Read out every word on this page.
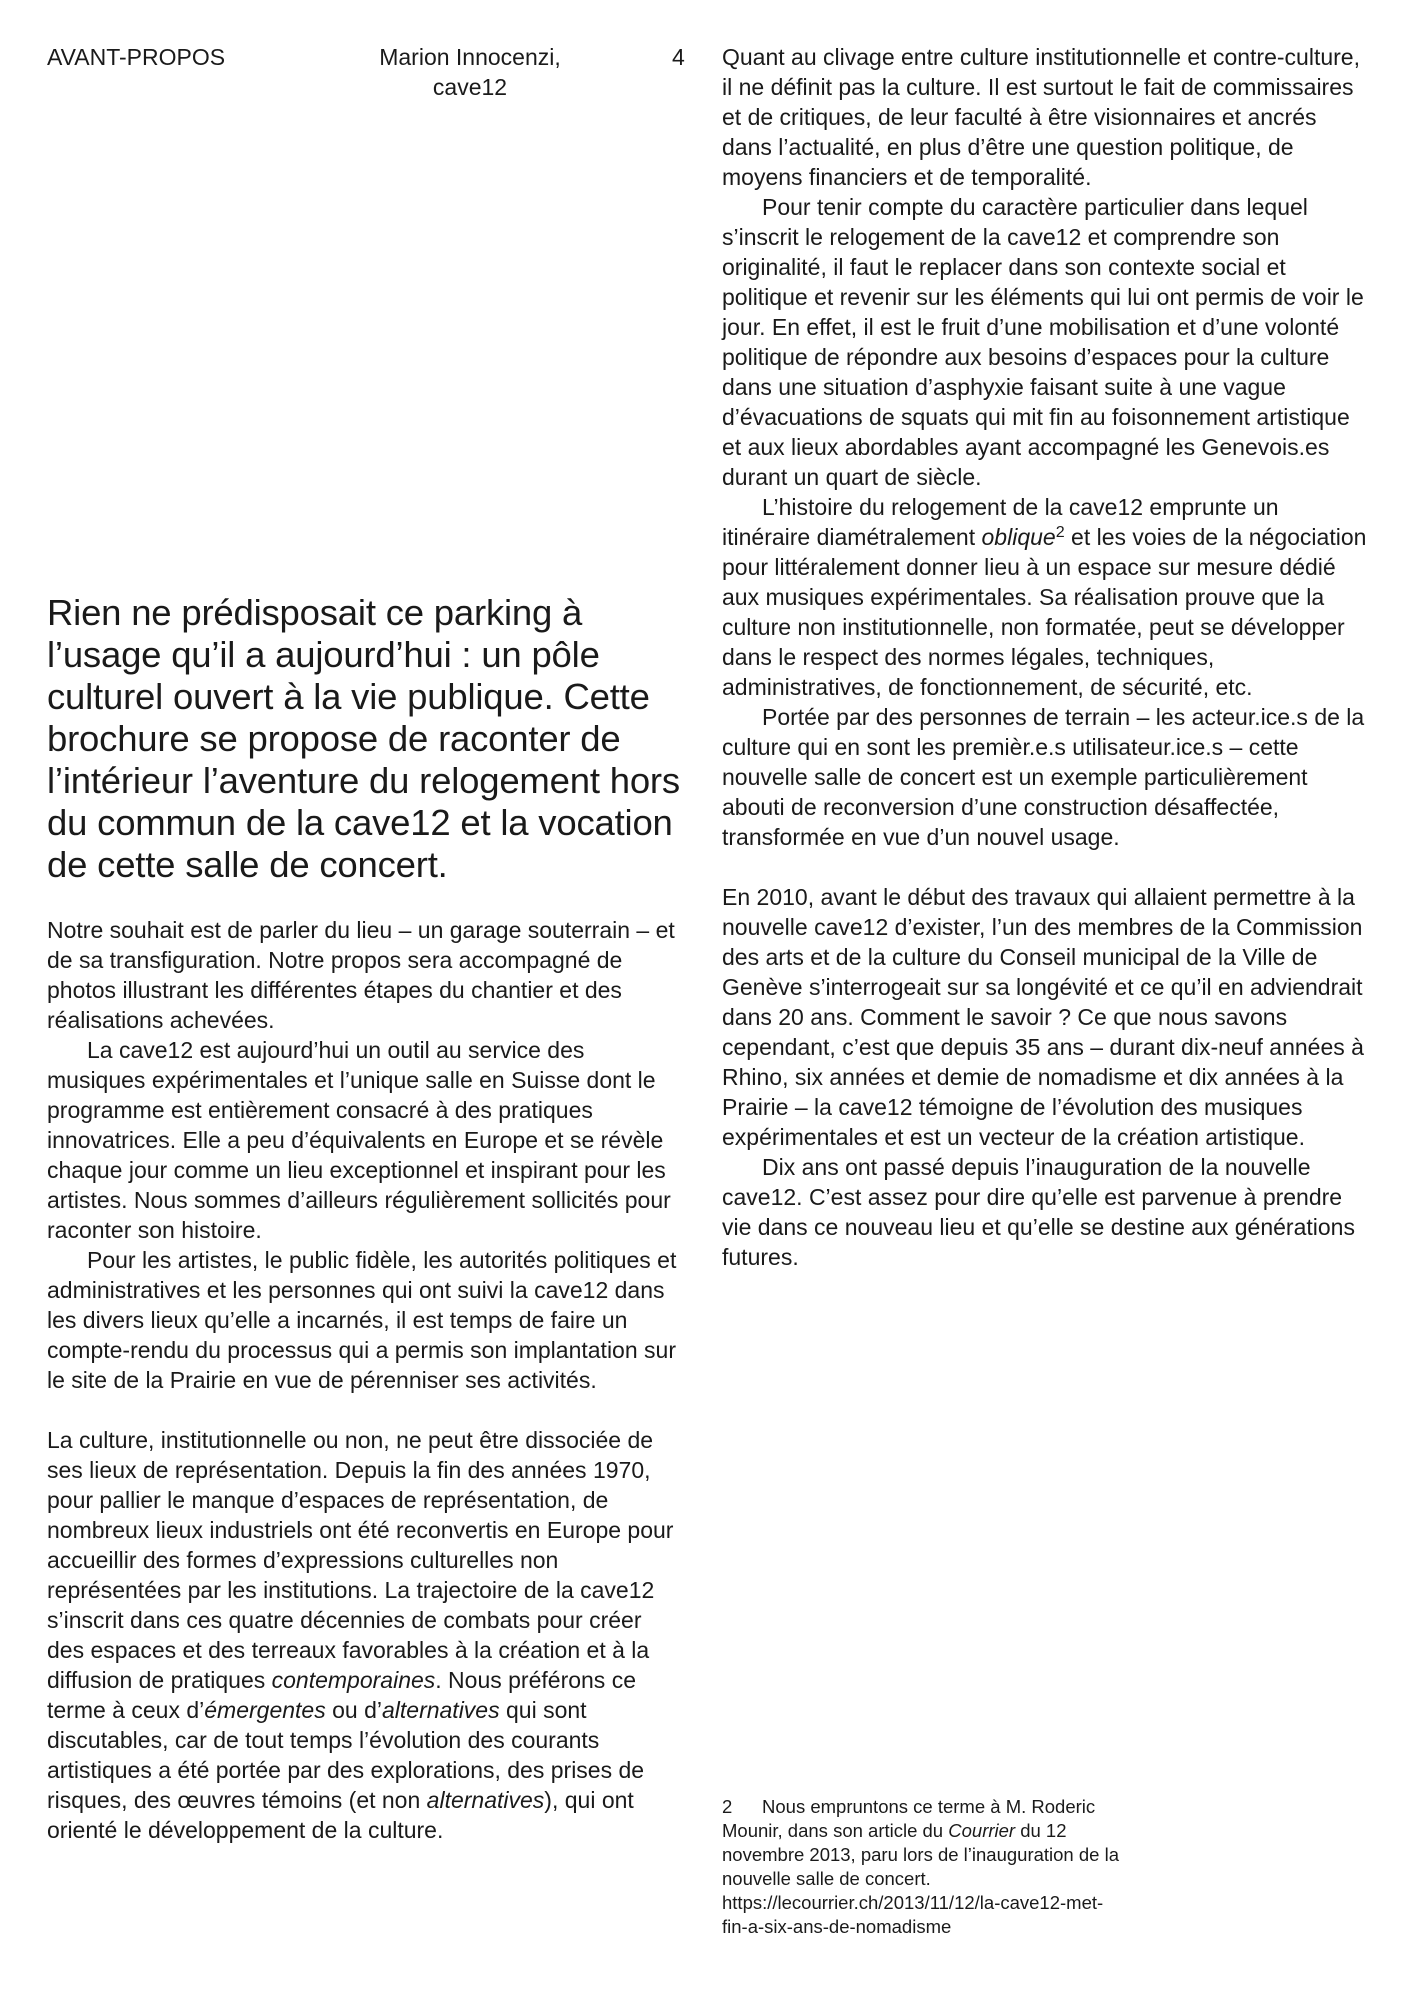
AVANT-PROPOS	Marion Innocenzi,
cave12
4

Rien ne prédisposait ce parking à l’usage qu’il a aujourd’hui : un pôle culturel ouvert à la vie publique. Cette brochure se propose de raconter de l’intérieur l’aventure du relogement hors du commun de la cave12 et la vocation de cette salle de concert.

Notre souhait est de parler du lieu – un garage souterrain – et de sa transfiguration. Notre propos sera accompagné de photos illustrant les différentes étapes du chantier et des réalisations achevées.

La cave12 est aujourd’hui un outil au service des musiques expérimentales et l’unique salle en Suisse dont le programme est entièrement consacré à des pratiques innovatrices. Elle a peu d’équivalents en Europe et se révèle chaque jour comme un lieu exceptionnel et inspirant pour les artistes. Nous sommes d’ailleurs régulièrement sollicités pour raconter son histoire.

Pour les artistes, le public fidèle, les autorités politiques et administratives et les personnes qui ont suivi la cave12 dans les divers lieux qu’elle a incarnés, il est temps de faire un compte-rendu du processus qui a permis son implantation sur le site de la Prairie en vue de pérenniser ses activités.

La culture, institutionnelle ou non, ne peut être dissociée de ses lieux de représentation. Depuis la fin des années 1970, pour pallier le manque d’espaces de représentation, de nombreux lieux industriels ont été reconvertis en Europe pour accueillir des formes d’expressions culturelles non représentées par les institutions. La trajectoire de la cave12 s’inscrit dans ces quatre décennies de combats pour créer des espaces et des terreaux favorables à la création et à la diffusion de pratiques contemporaines. Nous préférons ce terme à ceux d’émergentes ou d’alternatives qui sont discutables, car de tout temps l’évolution des courants artistiques a été portée par des explorations, des prises de risques, des œuvres témoins (et non alternatives), qui ont orienté le développement de la culture.

Quant au clivage entre culture institutionnelle et contre-culture, il ne définit pas la culture. Il est surtout le fait de commissaires et de critiques, de leur faculté à être visionnaires et ancrés dans l’actualité, en plus d’être une question politique, de moyens financiers et de temporalité.

Pour tenir compte du caractère particulier dans lequel s’inscrit le relogement de la cave12 et comprendre son originalité, il faut le replacer dans son contexte social et politique et revenir sur les éléments qui lui ont permis de voir le jour. En effet, il est le fruit d’une mobilisation et d’une volonté politique de répondre aux besoins d’espaces pour la culture dans une situation d’asphyxie faisant suite à une vague d’évacuations de squats qui mit fin au foisonnement artistique et aux lieux abordables ayant accompagné les Genevois.es durant un quart de siècle.

L’histoire du relogement de la cave12 emprunte un itinéraire diamétralement oblique$^2$ et les voies de la négociation pour littéralement donner lieu à un espace sur mesure dédié aux musiques expérimentales. Sa réalisation prouve que la culture non institutionnelle, non formatée, peut se développer dans le respect des normes légales, techniques, administratives, de fonctionnement, de sécurité, etc.

Portée par des personnes de terrain – les acteur.ice.s de la culture qui en sont les premièr.e.s utilisateur.ice.s – cette nouvelle salle de concert est un exemple particulièrement abouti de reconversion d’une construction désaffectée, transformée en vue d’un nouvel usage.

En 2010, avant le début des travaux qui allaient permettre à la nouvelle cave12 d’exister, l’un des membres de la Commission des arts et de la culture du Conseil municipal de la Ville de Genève s’interrogeait sur sa longévité et ce qu’il en adviendrait dans 20 ans. Comment le savoir ? Ce que nous savons cependant, c’est que depuis 35 ans – durant dix-neuf années à Rhino, six années et demie de nomadisme et dix années à la Prairie – la cave12 témoigne de l’évolution des musiques expérimentales et est un vecteur de la création artistique.

Dix ans ont passé depuis l’inauguration de la nouvelle cave12. C’est assez pour dire qu’elle est parvenue à prendre vie dans ce nouveau lieu et qu’elle se destine aux générations futures.

2 Nous empruntons ce terme à M. Roderic Mounir, dans son article du Courrier du 12 novembre 2013, paru lors de l’inauguration de la nouvelle salle de concert. https://lecourrier.ch/2013/11/12/la-cave12-met-fin-a-six-ans-de-nomadisme
